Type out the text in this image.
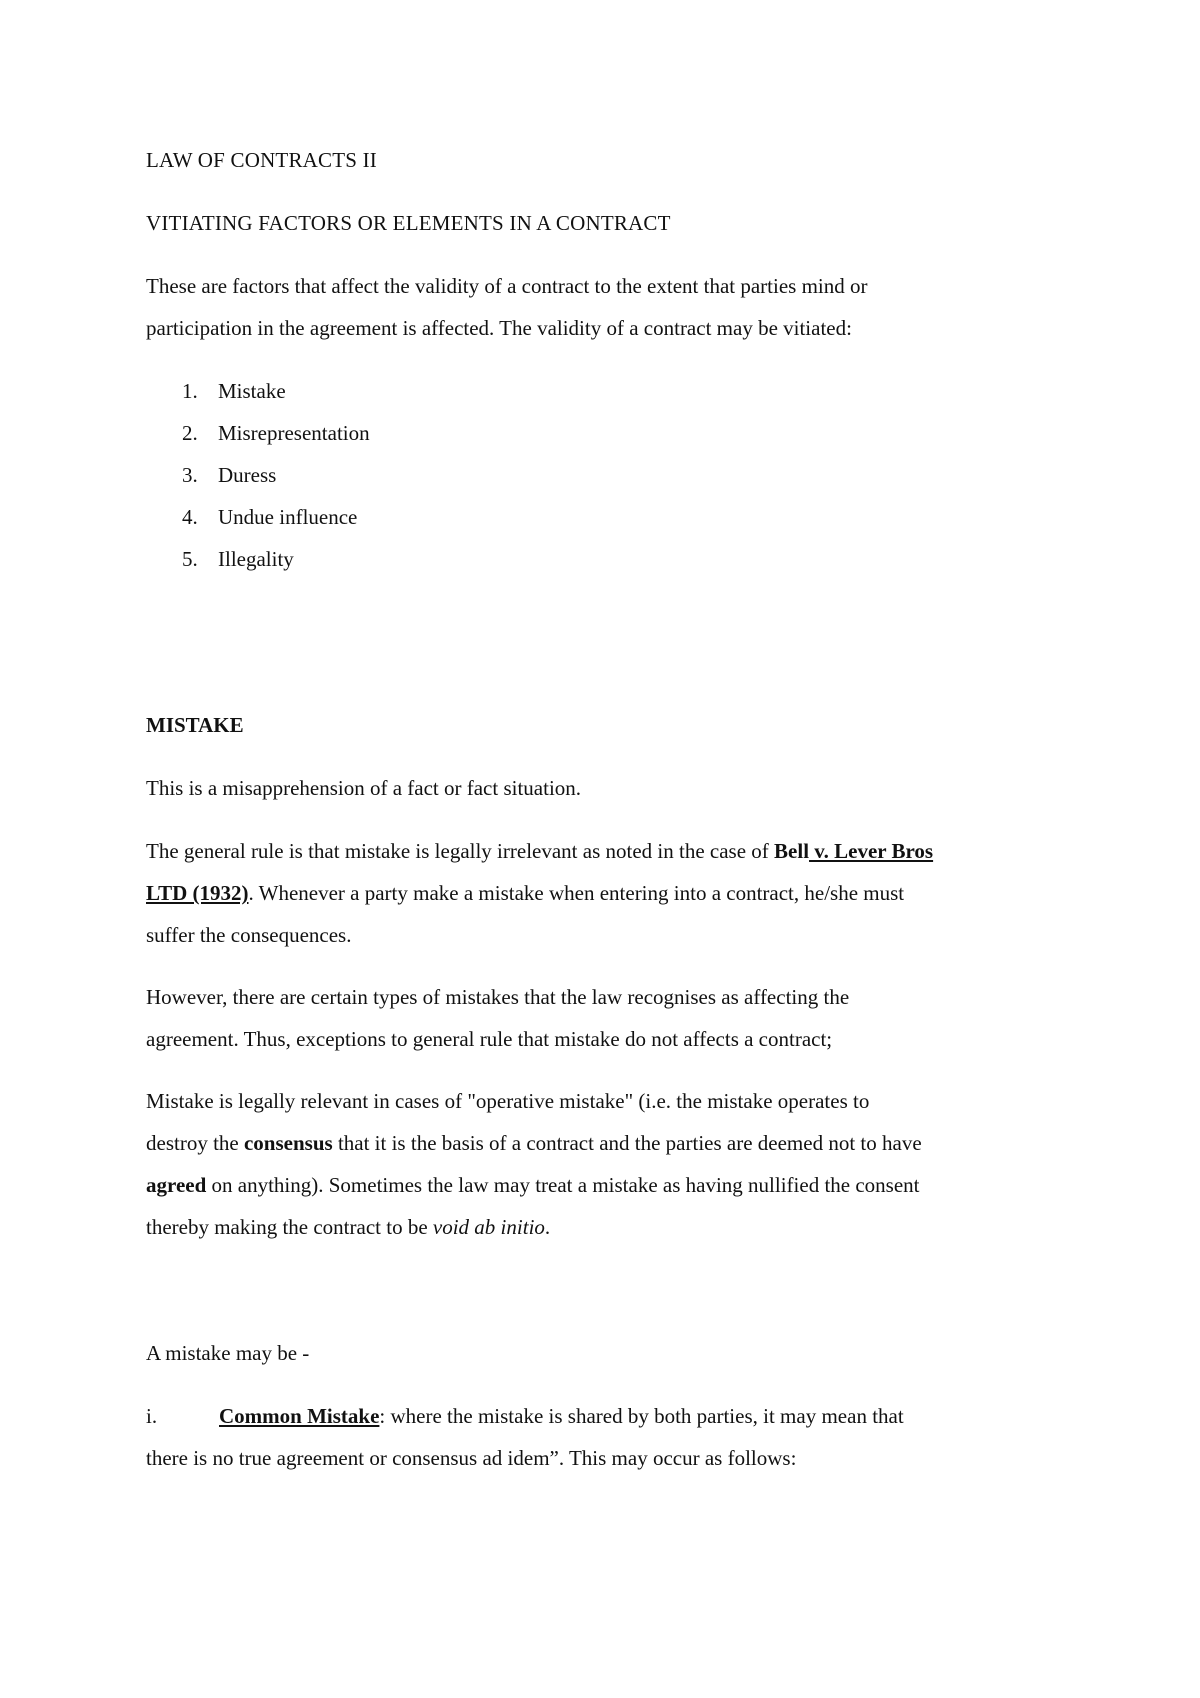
LAW OF CONTRACTS II
VITIATING FACTORS OR ELEMENTS IN A CONTRACT
These are factors that affect the validity of a contract to the extent that parties mind or
participation in the agreement is affected. The validity of a contract may be vitiated:
1. Mistake
2. Misrepresentation
3. Duress
4. Undue influence
5. Illegality
MISTAKE
This is a misapprehension of a fact or fact situation.
The general rule is that mistake is legally irrelevant as noted in the case of Bell v. Lever Bros
LTD (1932). Whenever a party make a mistake when entering into a contract, he/she must
suffer the consequences.
However, there are certain types of mistakes that the law recognises as affecting the
agreement. Thus, exceptions to general rule that mistake do not affects a contract;
Mistake is legally relevant in cases of "operative mistake" (i.e. the mistake operates to
destroy the consensus that it is the basis of a contract and the parties are deemed not to have
agreed on anything). Sometimes the law may treat a mistake as having nullified the consent
thereby making the contract to be void ab initio.
A mistake may be -
i.	Common Mistake: where the mistake is shared by both parties, it may mean that
there is no true agreement or consensus ad idem”. This may occur as follows:
